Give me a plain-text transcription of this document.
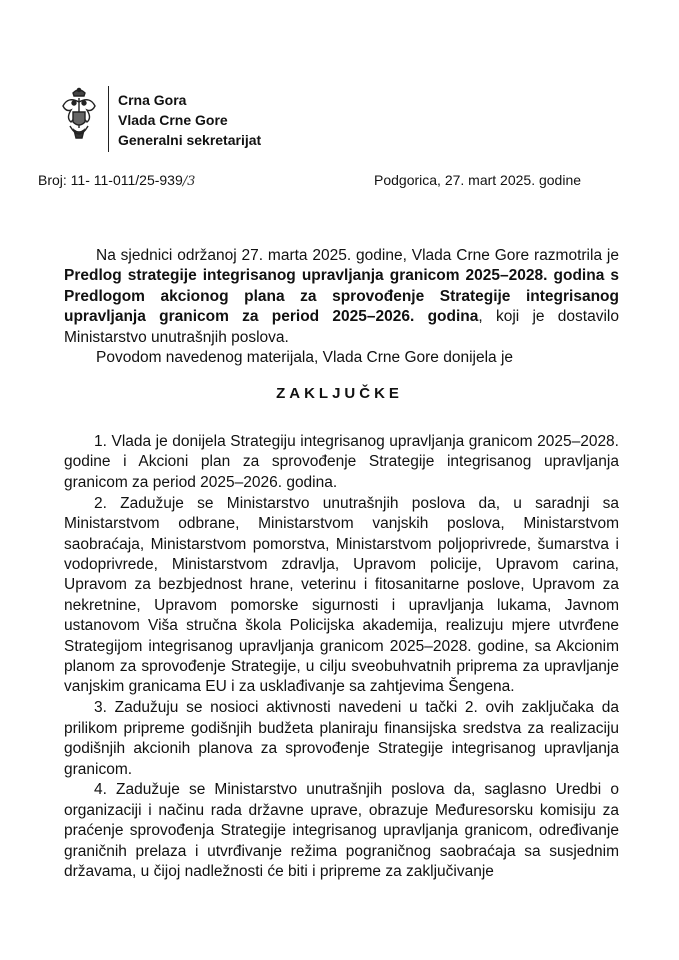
Crna Gora
Vlada Crne Gore
Generalni sekretarijat
Broj: 11- 11-011/25-939/3	Podgorica, 27. mart 2025. godine

Na sjednici održanoj 27. marta 2025. godine, Vlada Crne Gore razmotrila je Predlog strategije integrisanog upravljanja granicom 2025–2028. godina s Predlogom akcionog plana za sprovođenje Strategije integrisanog upravljanja granicom za period 2025–2026. godina, koji je dostavilo Ministarstvo unutrašnjih poslova.

Povodom navedenog materijala, Vlada Crne Gore donijela je

ZAKLJUČKE

1. Vlada je donijela Strategiju integrisanog upravljanja granicom 2025–2028. godine i Akcioni plan za sprovođenje Strategije integrisanog upravljanja granicom za period 2025–2026. godina.

2. Zadužuje se Ministarstvo unutrašnjih poslova da, u saradnji sa Ministarstvom odbrane, Ministarstvom vanjskih poslova, Ministarstvom saobraćaja, Ministarstvom pomorstva, Ministarstvom poljoprivrede, šumarstva i vodoprivrede, Ministarstvom zdravlja, Upravom policije, Upravom carina, Upravom za bezbjednost hrane, veterinu i fitosanitarne poslove, Upravom za nekretnine, Upravom pomorske sigurnosti i upravljanja lukama, Javnom ustanovom Viša stručna škola Policijska akademija, realizuju mjere utvrđene Strategijom integrisanog upravljanja granicom 2025–2028. godine, sa Akcionim planom za sprovođenje Strategije, u cilju sveobuhvatnih priprema za upravljanje vanjskim granicama EU i za usklađivanje sa zahtjevima Šengena.

3. Zadužuju se nosioci aktivnosti navedeni u tački 2. ovih zaključaka da prilikom pripreme godišnjih budžeta planiraju finansijska sredstva za realizaciju godišnjih akcionih planova za sprovođenje Strategije integrisanog upravljanja granicom.

4. Zadužuje se Ministarstvo unutrašnjih poslova da, saglasno Uredbi o organizaciji i načinu rada državne uprave, obrazuje Međuresorsku komisiju za praćenje sprovođenja Strategije integrisanog upravljanja granicom, određivanje graničnih prelaza i utvrđivanje režima pograničnog saobraćaja sa susjednim državama, u čijoj nadležnosti će biti i pripreme za zaključivanje
